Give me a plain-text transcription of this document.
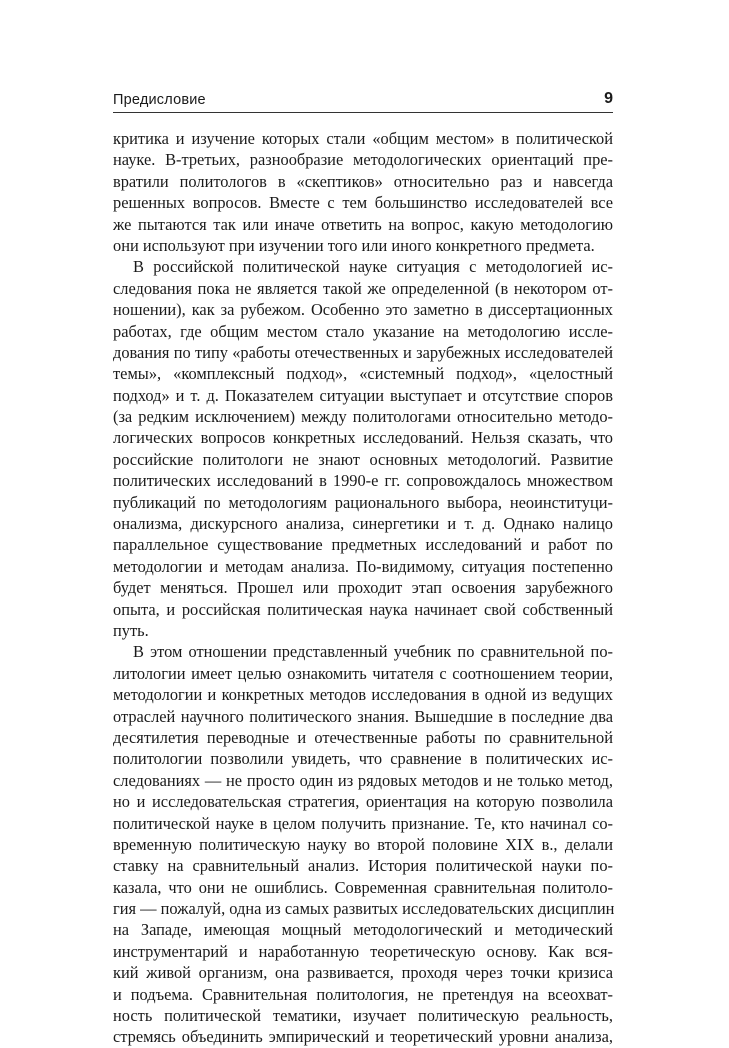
Предисловие	9
критика и изучение которых стали «общим местом» в политической
науке. В-третьих, разнообразие методологических ориентаций пре-
вратили политологов в «скептиков» относительно раз и навсегда
решенных вопросов. Вместе с тем большинство исследователей все
же пытаются так или иначе ответить на вопрос, какую методологию
они используют при изучении того или иного конкретного предмета.
В российской политической науке ситуация с методологией ис-
следования пока не является такой же определенной (в некотором от-
ношении), как за рубежом. Особенно это заметно в диссертационных
работах, где общим местом стало указание на методологию иссле-
дования по типу «работы отечественных и зарубежных исследователей
темы», «комплексный подход», «системный подход», «целостный
подход» и т. д. Показателем ситуации выступает и отсутствие споров
(за редким исключением) между политологами относительно методо-
логических вопросов конкретных исследований. Нельзя сказать, что
российские политологи не знают основных методологий. Развитие
политических исследований в 1990-е гг. сопровождалось множеством
публикаций по методологиям рационального выбора, неоинституци-
онализма, дискурсного анализа, синергетики и т. д. Однако налицо
параллельное существование предметных исследований и работ по
методологии и методам анализа. По-видимому, ситуация постепенно
будет меняться. Прошел или проходит этап освоения зарубежного
опыта, и российская политическая наука начинает свой собственный
путь.
В этом отношении представленный учебник по сравнительной по-
литологии имеет целью ознакомить читателя с соотношением теории,
методологии и конкретных методов исследования в одной из ведущих
отраслей научного политического знания. Вышедшие в последние два
десятилетия переводные и отечественные работы по сравнительной
политологии позволили увидеть, что сравнение в политических ис-
следованиях — не просто один из рядовых методов и не только метод,
но и исследовательская стратегия, ориентация на которую позволила
политической науке в целом получить признание. Те, кто начинал со-
временную политическую науку во второй половине XIX в., делали
ставку на сравнительный анализ. История политической науки по-
казала, что они не ошиблись. Современная сравнительная политоло-
гия — пожалуй, одна из самых развитых исследовательских дисциплин
на Западе, имеющая мощный методологический и методический
инструментарий и наработанную теоретическую основу. Как вся-
кий живой организм, она развивается, проходя через точки кризиса
и подъема. Сравнительная политология, не претендуя на всеохват-
ность политической тематики, изучает политическую реальность,
стремясь объединить эмпирический и теоретический уровни анализа,
